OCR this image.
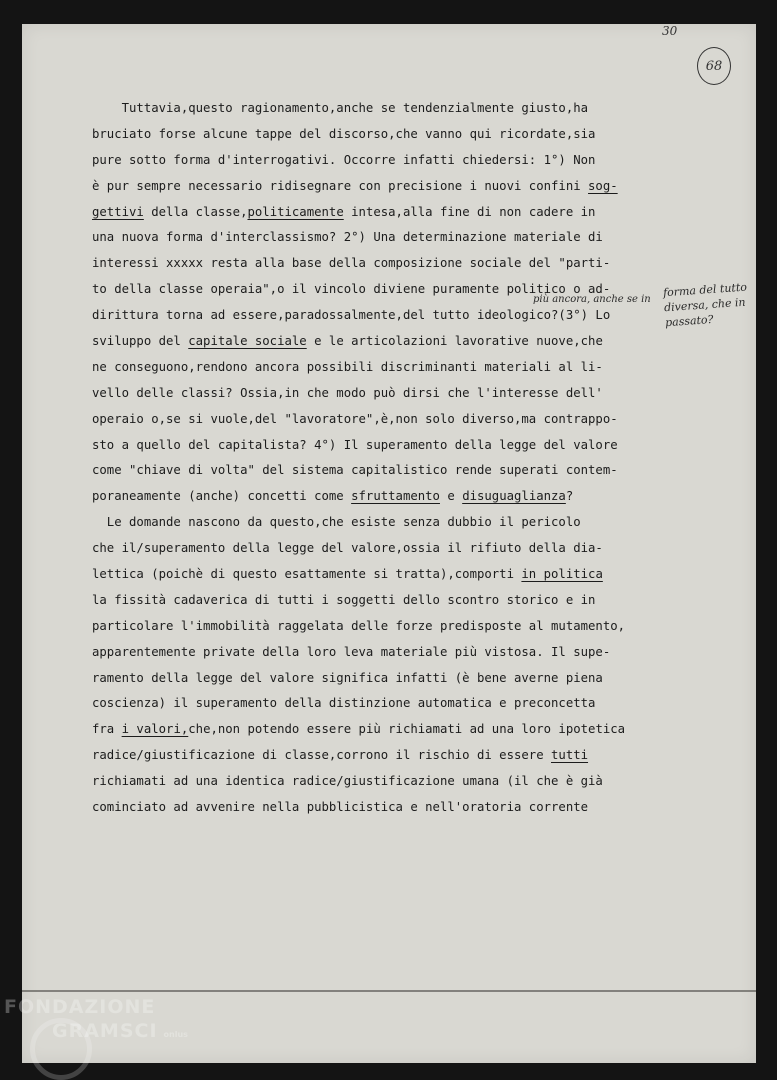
30
68
Tuttavia,questo ragionamento,anche se tendenzialmente giusto,ha
bruciato forse alcune tappe del discorso,che vanno qui ricordate,sia
pure sotto forma d'interrogativi. Occorre infatti chiedersi: 1°) Non
è pur sempre necessario ridisegnare con precisione i nuovi confini sog-
gettivi della classe,politicamente intesa,alla fine di non cadere in
una nuova forma d'interclassismo? 2°) Una determinazione materiale di
interessi xxxxx resta alla base della composizione sociale del "parti-
to della classe operaia",o il vincolo diviene puramente politico o ad-
dirittura torna ad essere,paradossalmente,del tutto ideologico?(3°) Lo
sviluppo del capitale sociale e le articolazioni lavorative nuove,che
ne conseguono,rendono ancora possibili discriminanti materiali al li-
vello delle classi? Ossia,in che modo può dirsi che l'interesse dell'
operaio o,se si vuole,del "lavoratore",è,non solo diverso,ma contrappo-
sto a quello del capitalista? 4°) Il superamento della legge del valore
come "chiave di volta" del sistema capitalistico rende superati contem-
poraneamente (anche) concetti come sfruttamento e disuguaglianza?
Le domande nascono da questo,che esiste senza dubbio il pericolo
che il/superamento della legge del valore,ossia il rifiuto della dia-
lettica (poichè di questo esattamente si tratta),comporti in politica
la fissità cadaverica di tutti i soggetti dello scontro storico e in
particolare l'immobilità raggelata delle forze predisposte al mutamento,
apparentemente private della loro leva materiale più vistosa. Il supe-
ramento della legge del valore significa infatti (è bene averne piena
coscienza) il superamento della distinzione automatica e preconcetta
fra i valori,che,non potendo essere più richiamati ad una loro ipotetica
radice/giustificazione di classe,corrono il rischio di essere tutti
richiamati ad una identica radice/giustificazione umana (il che è già
cominciato ad avvenire nella pubblicistica e nell'oratoria corrente
più ancora, anche se in
forma del tutto diversa, che in passato?
FONDAZIONE
GRAMSCI onlus
